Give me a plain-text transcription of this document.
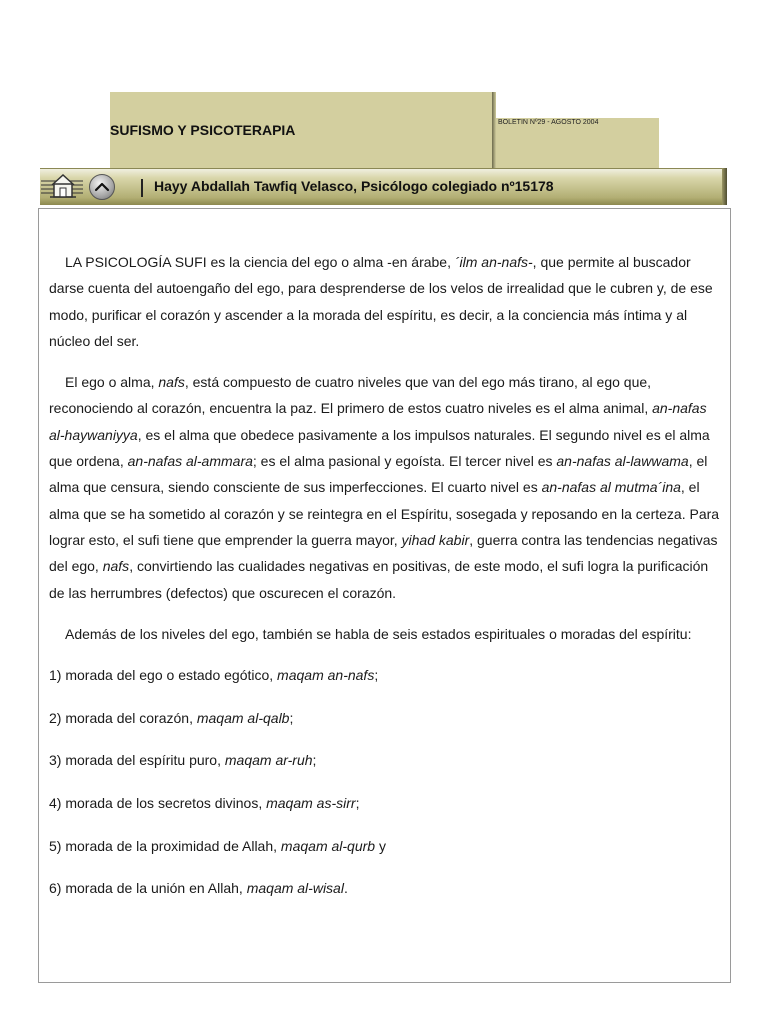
SUFISMO Y PSICOTERAPIA	BOLETIN Nº29 - AGOSTO 2004
Hayy Abdallah Tawfiq Velasco, Psicólogo colegiado nº15178

LA PSICOLOGÍA SUFI es la ciencia del ego o alma -en árabe, ´ilm an-nafs-, que permite al buscador darse cuenta del autoengaño del ego, para desprenderse de los velos de irrealidad que le cubren y, de ese modo, purificar el corazón y ascender a la morada del espíritu, es decir, a la conciencia más íntima y al núcleo del ser.

El ego o alma, nafs, está compuesto de cuatro niveles que van del ego más tirano, al ego que, reconociendo al corazón, encuentra la paz. El primero de estos cuatro niveles es el alma animal, an-nafas al-haywaniyya, es el alma que obedece pasivamente a los impulsos naturales. El segundo nivel es el alma que ordena, an-nafas al-ammara; es el alma pasional y egoísta. El tercer nivel es an-nafas al-lawwama, el alma que censura, siendo consciente de sus imperfecciones. El cuarto nivel es an-nafas al mutma´ina, el alma que se ha sometido al corazón y se reintegra en el Espíritu, sosegada y reposando en la certeza. Para lograr esto, el sufi tiene que emprender la guerra mayor, yihad kabir, guerra contra las tendencias negativas del ego, nafs, convirtiendo las cualidades negativas en positivas, de este modo, el sufi logra la purificación de las herrumbres (defectos) que oscurecen el corazón.

Además de los niveles del ego, también se habla de seis estados espirituales o moradas del espíritu:

1) morada del ego o estado egótico, maqam an-nafs;

2) morada del corazón, maqam al-qalb;

3) morada del espíritu puro, maqam ar-ruh;

4) morada de los secretos divinos, maqam as-sirr;

5) morada de la proximidad de Allah, maqam al-qurb y

6) morada de la unión en Allah, maqam al-wisal.
